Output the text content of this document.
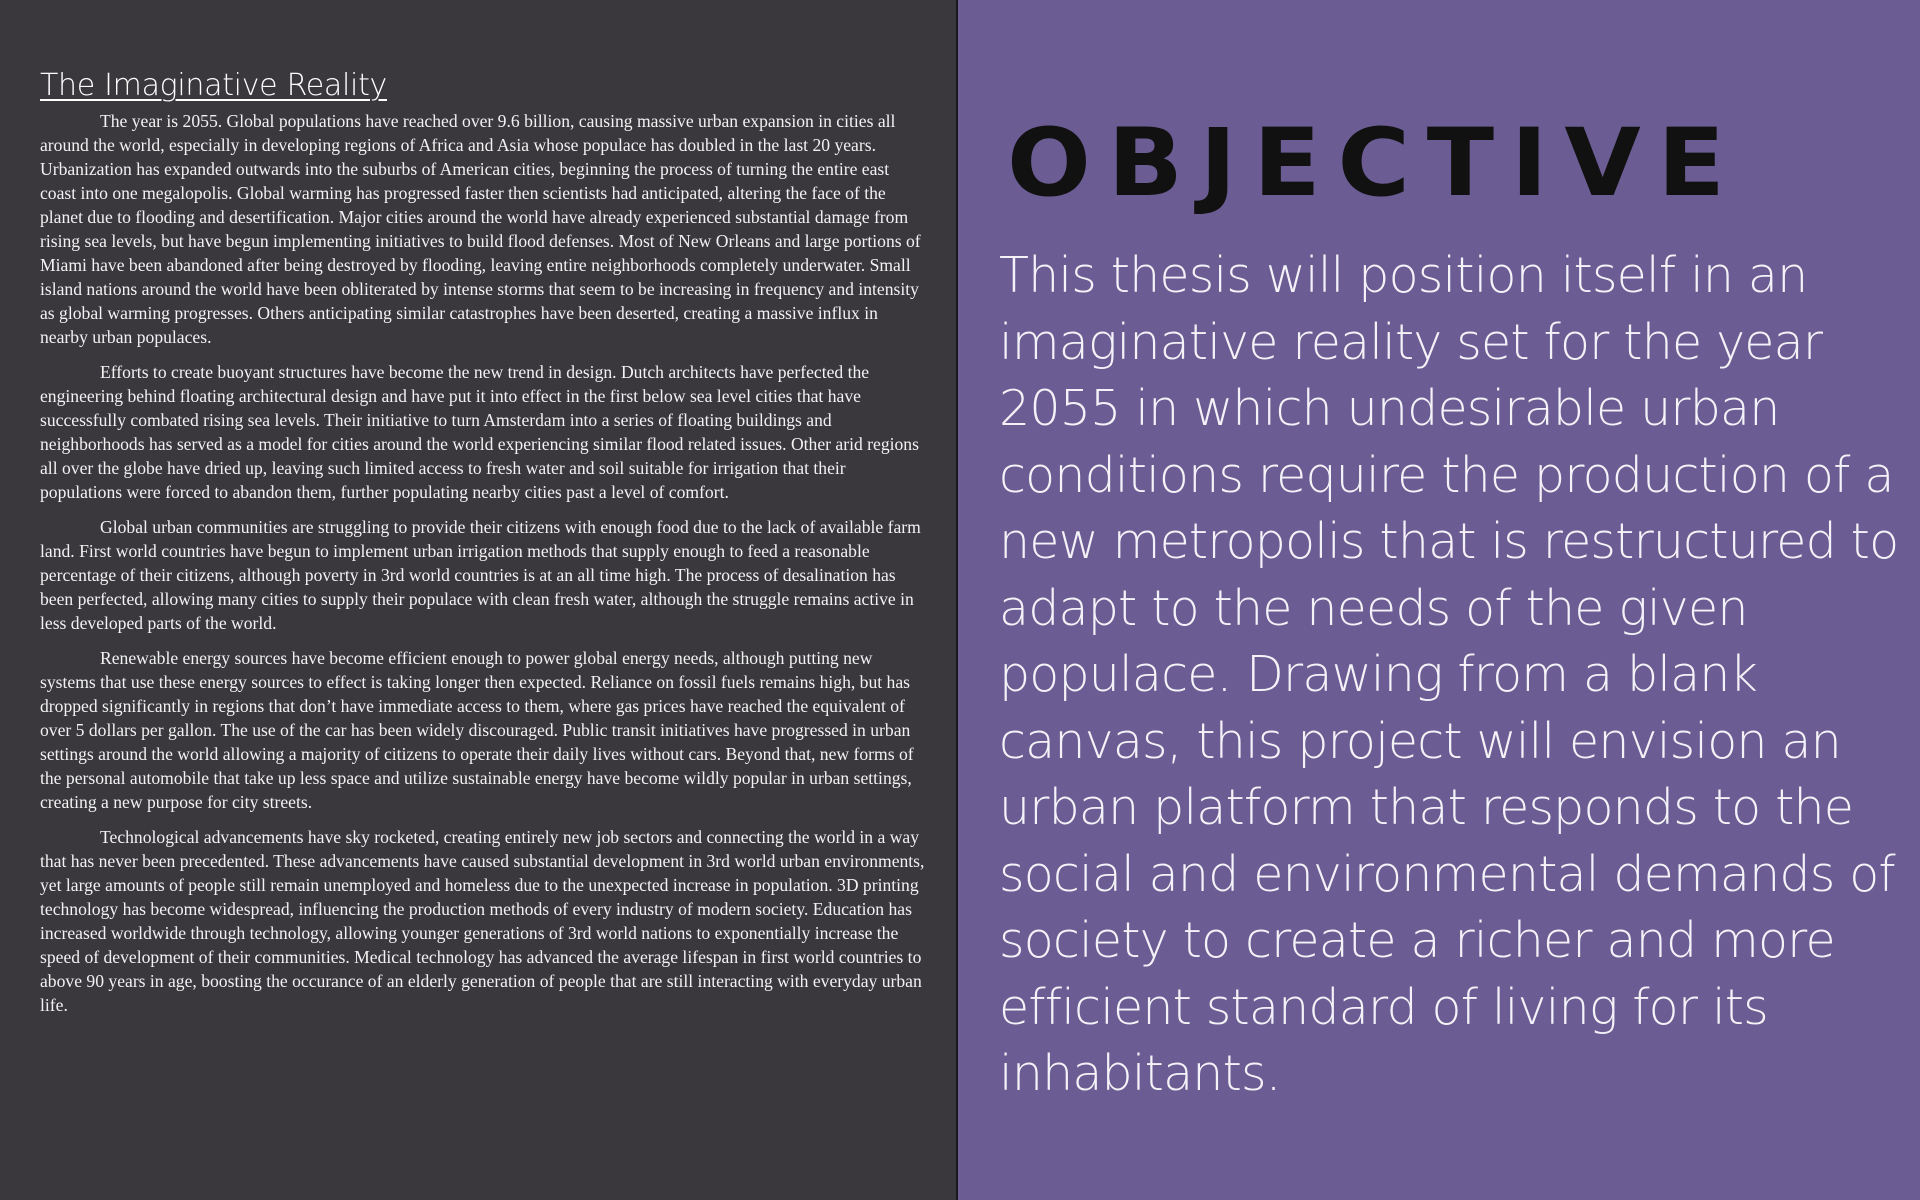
The Imaginative Reality

The year is 2055. Global populations have reached over 9.6 billion, causing massive urban expansion in cities all around the world, especially in developing regions of Africa and Asia whose populace has doubled in the last 20 years. Urbanization has expanded outwards into the suburbs of American cities, beginning the process of turning the entire east coast into one megalopolis. Global warming has progressed faster then scientists had anticipated, altering the face of the planet due to flooding and desertification. Major cities around the world have already experienced substantial damage from rising sea levels, but have begun implementing initiatives to build flood defenses. Most of New Orleans and large portions of Miami have been abandoned after being destroyed by flooding, leaving entire neighborhoods completely underwater. Small island nations around the world have been obliterated by intense storms that seem to be increasing in frequency and intensity as global warming progresses. Others anticipating similar catastrophes have been deserted, creating a massive influx in nearby urban populaces.

Efforts to create buoyant structures have become the new trend in design. Dutch architects have perfected the engineering behind floating architectural design and have put it into effect in the first below sea level cities that have successfully combated rising sea levels. Their initiative to turn Amsterdam into a series of floating buildings and neighborhoods has served as a model for cities around the world experiencing similar flood related issues. Other arid regions all over the globe have dried up, leaving such limited access to fresh water and soil suitable for irrigation that their populations were forced to abandon them, further populating nearby cities past a level of comfort.

Global urban communities are struggling to provide their citizens with enough food due to the lack of available farm land. First world countries have begun to implement urban irrigation methods that supply enough to feed a reasonable percentage of their citizens, although poverty in 3rd world countries is at an all time high. The process of desalination has been perfected, allowing many cities to supply their populace with clean fresh water, although the struggle remains active in less developed parts of the world.

Renewable energy sources have become efficient enough to power global energy needs, although putting new systems that use these energy sources to effect is taking longer then expected. Reliance on fossil fuels remains high, but has dropped significantly in regions that don’t have immediate access to them, where gas prices have reached the equivalent of over 5 dollars per gallon. The use of the car has been widely discouraged. Public transit initiatives have progressed in urban settings around the world allowing a majority of citizens to operate their daily lives without cars. Beyond that, new forms of the personal automobile that take up less space and utilize sustainable energy have become wildly popular in urban settings, creating a new purpose for city streets.

Technological advancements have sky rocketed, creating entirely new job sectors and connecting the world in a way that has never been precedented. These advancements have caused substantial development in 3rd world urban environments, yet large amounts of people still remain unemployed and homeless due to the unexpected increase in population. 3D printing technology has become widespread, influencing the production methods of every industry of modern society. Education has increased worldwide through technology, allowing younger generations of 3rd world nations to exponentially increase the speed of development of their communities. Medical technology has advanced the average lifespan in first world countries to above 90 years in age, boosting the occurance of an elderly generation of people that are still interacting with everyday urban life.

OBJECTIVE

This thesis will position itself in an imaginative reality set for the year 2055 in which undesirable urban conditions require the production of a new metropolis that is restructured to adapt to the needs of the given populace. Drawing from a blank canvas, this project will envision an urban platform that responds to the social and environmental demands of society to create a richer and more efficient standard of living for its inhabitants.
